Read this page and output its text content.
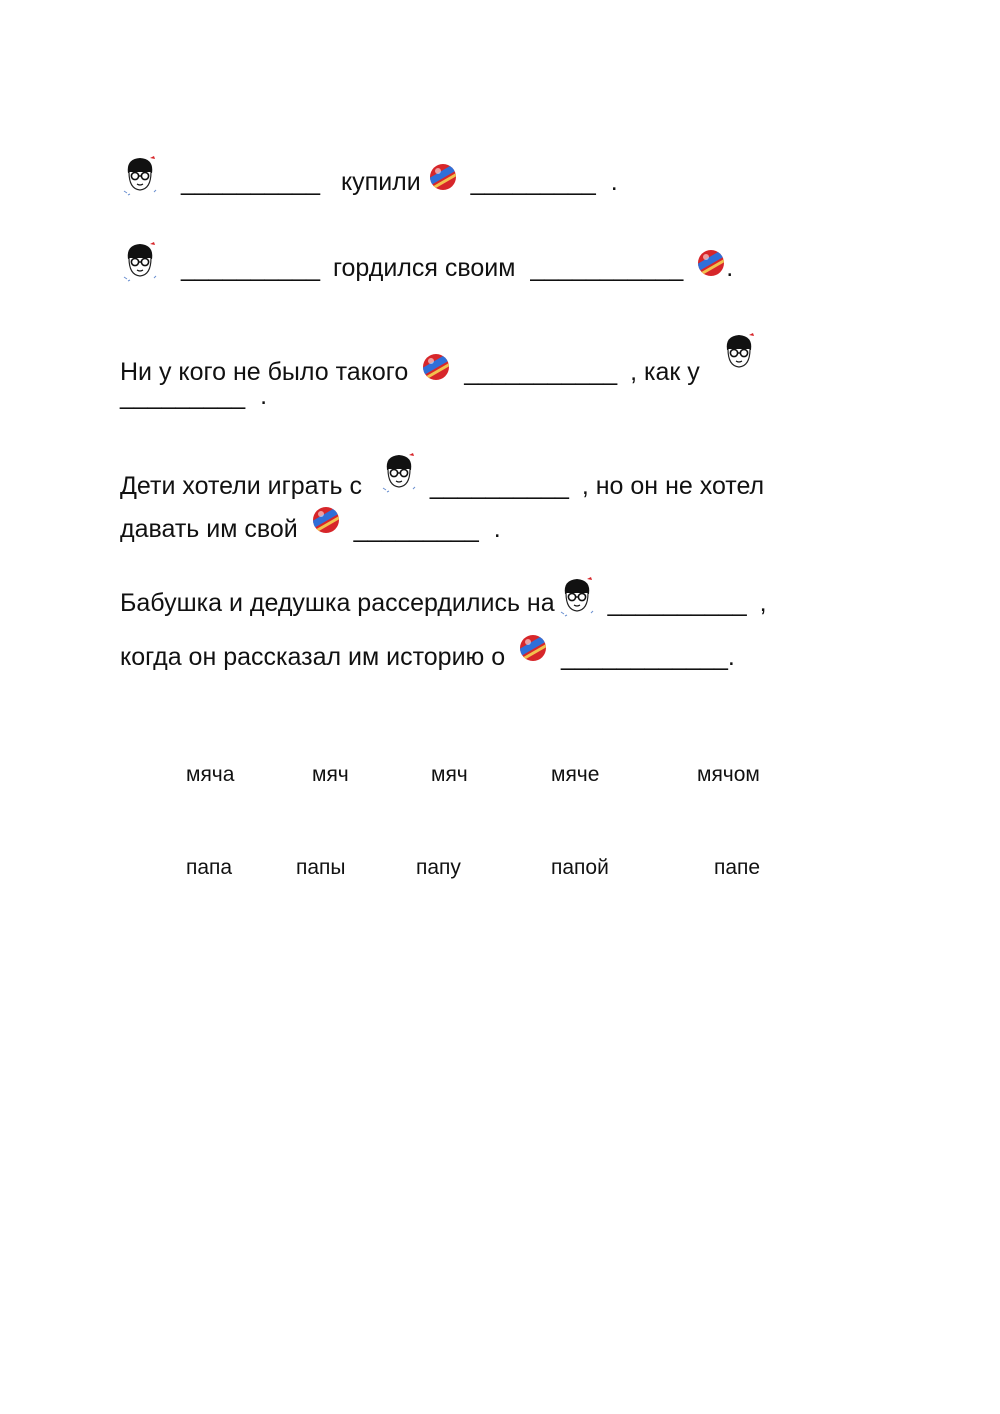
__________ купили _________ .
__________ гордился своим ___________ .
Ни у кого не было такого ___________ , как у
_________ .
Дети хотели играть с	__________ , но он не хотел
давать им свой _________ .
Бабушка и дедушка рассердились на __________ ,
когда он рассказал им историю о ____________.
мяча	мяч	мяч	мяче	мячом
папа	папы	папу	папой	папе
